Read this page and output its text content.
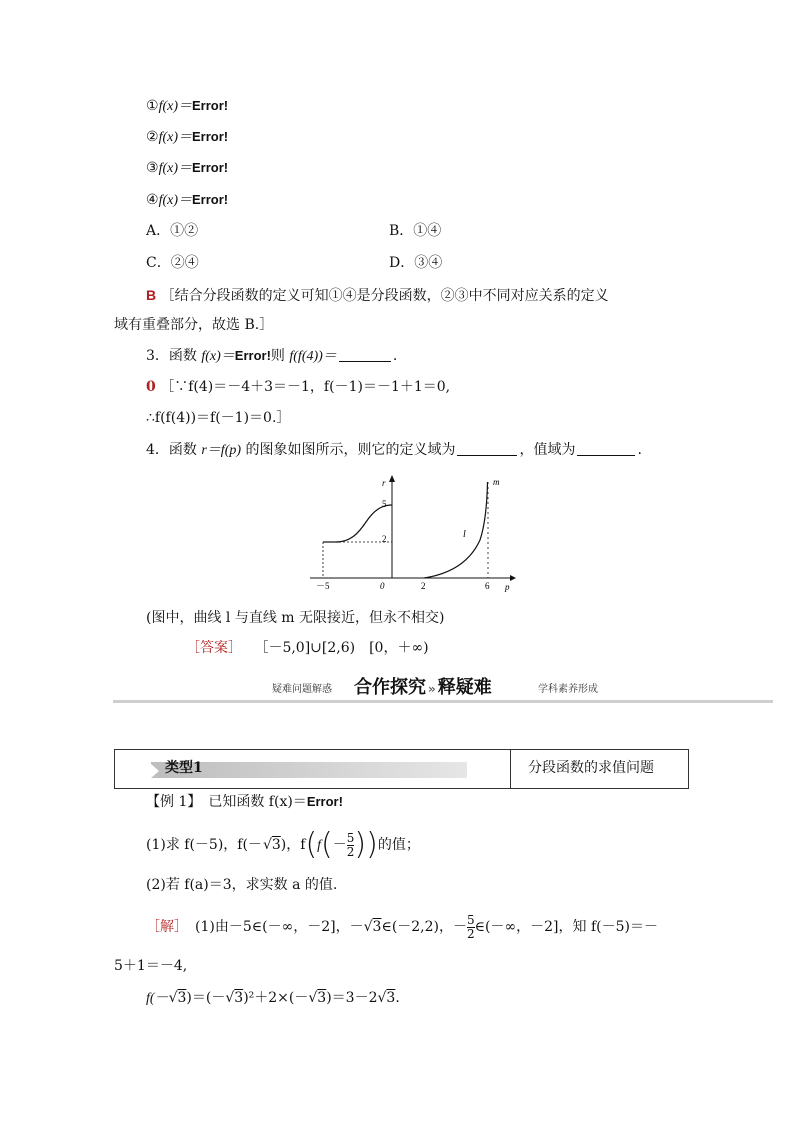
①f(x)＝Error!
②f(x)＝Error!
③f(x)＝Error!
④f(x)＝Error!
A．①②	B．①④
C．②④	D．③④
B ［结合分段函数的定义可知①④是分段函数，②③中不同对应关系的定义
域有重叠部分，故选 B.］
3．函数 f(x)＝Error!则 f(f(4))＝	.
0 ［∵f(4)＝－4＋3＝－1，f(－1)＝－1＋1＝0,
∴f(f(4))＝f(－1)＝0.］
4．函数 r＝f(p) 的图象如图所示，则它的定义域为	，值域为	.
r
p
m
l
5
2
－5	0	2	6
(图中，曲线 l 与直线 m 无限接近，但永不相交)
［答案］ ［－5,0]∪[2,6)　[0，＋∞)
疑难问题解惑 合作探究 » 释疑难	学科素养形成
类型1	分段函数的求值问题
【例 1】　已知函数 f(x)＝Error!
(1)求 f(－5)，f(－√3)，$f(f(-\frac{5}{2}$ ))的值；
(2)若 f(a)＝3，求实数 a 的值.
［解］　(1)由－5∈(－∞，－2]，－√3∈(－2,2)，$-\frac{5}{2}$ ∈(－∞，－2]，知 f(－5)＝－
5＋1＝－4,
f(－√3)＝(－√3)²＋2×(－√3)＝3－2√3.
